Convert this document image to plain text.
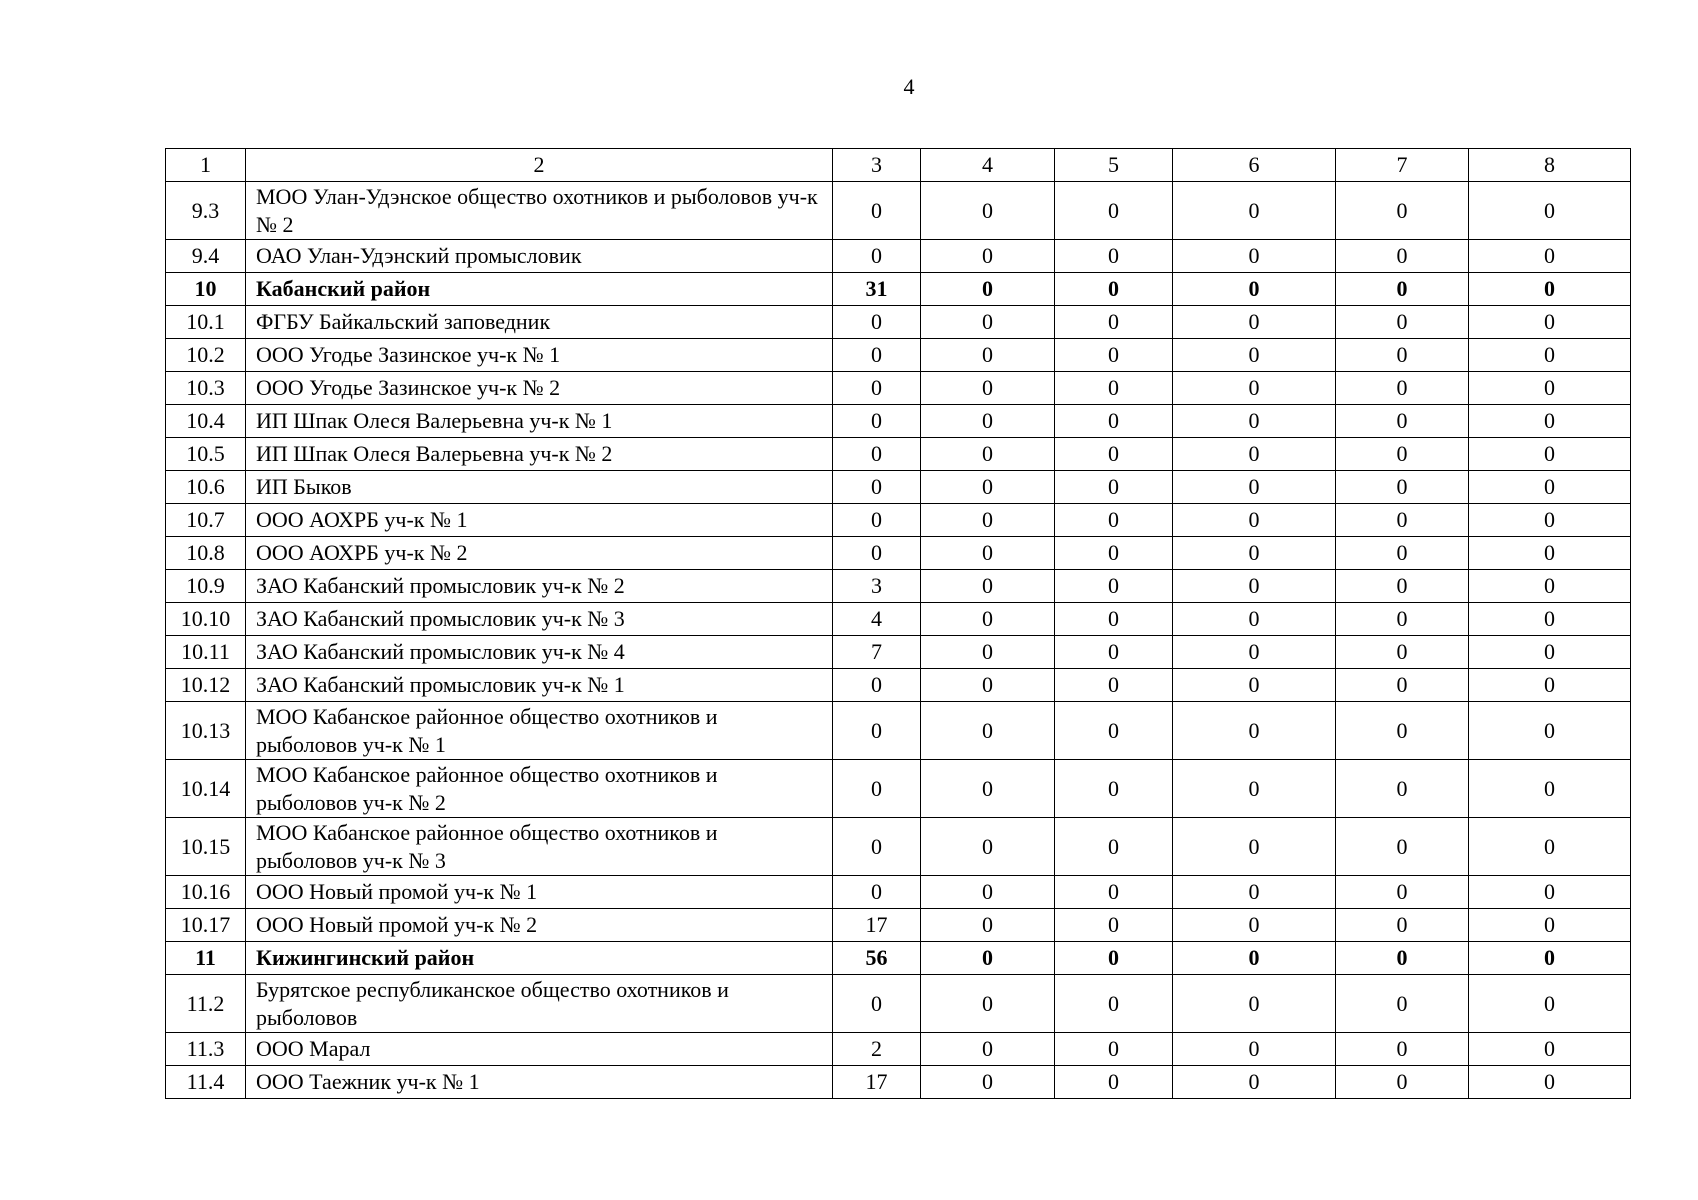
4
1	2	3	4	5	6	7	8
9.3	МОО Улан-Удэнское общество охотников и рыболовов уч-к № 2	0	0	0	0	0	0
9.4	ОАО Улан-Удэнский промысловик	0	0	0	0	0	0
10	Кабанский район	31	0	0	0	0	0
10.1	ФГБУ Байкальский заповедник	0	0	0	0	0	0
10.2	ООО Угодье Зазинское уч-к № 1	0	0	0	0	0	0
10.3	ООО Угодье Зазинское уч-к № 2	0	0	0	0	0	0
10.4	ИП Шпак Олеся Валерьевна уч-к № 1	0	0	0	0	0	0
10.5	ИП Шпак Олеся Валерьевна уч-к № 2	0	0	0	0	0	0
10.6	ИП Быков	0	0	0	0	0	0
10.7	ООО АОХРБ уч-к № 1	0	0	0	0	0	0
10.8	ООО АОХРБ уч-к № 2	0	0	0	0	0	0
10.9	ЗАО Кабанский промысловик уч-к № 2	3	0	0	0	0	0
10.10	ЗАО Кабанский промысловик уч-к № 3	4	0	0	0	0	0
10.11	ЗАО Кабанский промысловик уч-к № 4	7	0	0	0	0	0
10.12	ЗАО Кабанский промысловик уч-к № 1	0	0	0	0	0	0
10.13	МОО Кабанское районное общество охотников и рыболовов уч-к № 1	0	0	0	0	0	0
10.14	МОО Кабанское районное общество охотников и рыболовов уч-к № 2	0	0	0	0	0	0
10.15	МОО Кабанское районное общество охотников и рыболовов уч-к № 3	0	0	0	0	0	0
10.16	ООО Новый промой уч-к № 1	0	0	0	0	0	0
10.17	ООО Новый промой уч-к № 2	17	0	0	0	0	0
11	Кижингинский район	56	0	0	0	0	0
11.2	Бурятское республиканское общество охотников и рыболовов	0	0	0	0	0	0
11.3	ООО Марал	2	0	0	0	0	0
11.4	ООО Таежник уч-к № 1	17	0	0	0	0	0
